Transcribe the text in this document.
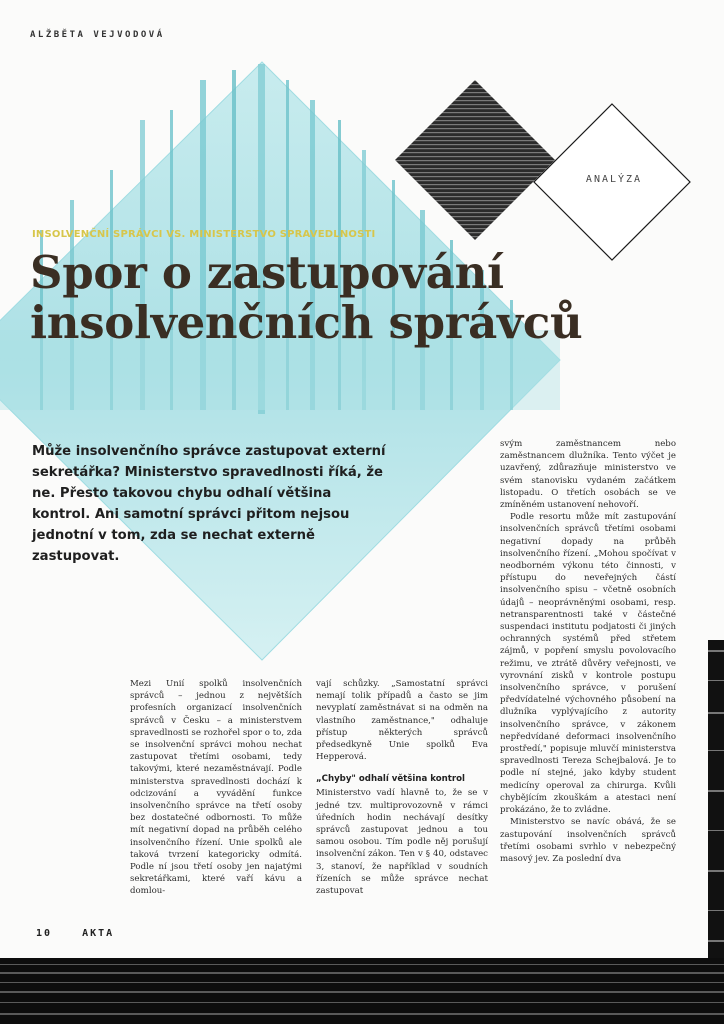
ALŽBĚTA VEJVODOVÁ
ANALÝZA
INSOLVENČNÍ SPRÁVCI VS. MINISTERSTVO SPRAVEDLNOSTI
Spor o zastupování
insolvenčních správců
Může insolvenčního správce zastupovat externí sekretářka? Ministerstvo spravedlnosti říká, že ne. Přesto takovou chybu odhalí většina kontrol. Ani samotní správci přitom nejsou jednotní v tom, zda se nechat externě zastupovat.

Mezi Unií spolků insolvenčních správců – jednou z největších profesních organizací insolvenčních správců v Česku – a ministerstvem spravedlnosti se rozhořel spor o to, zda se insolvenční správci mohou nechat zastupovat třetími osobami, tedy takovými, které nezaměstnávají. Podle ministerstva spravedlnosti dochází k odcizování a vyvádění funkce insolvenčního správce na třetí osoby bez dostatečné odbornosti. To může mít negativní dopad na průběh celého insolvenčního řízení. Unie spolků ale taková tvrzení kategoricky odmítá. Podle ní jsou třetí osoby jen najatými sekretářkami, které vaří kávu a domlou-

vají schůzky. „Samostatní správci nemají tolik případů a často se jim nevyplatí zaměstnávat si na odměn na vlastního zaměstnance," odhaluje přístup některých správců předsedkyně Unie spolků Eva Hepperová.

„Chyby" odhalí většina kontrol

Ministerstvo vadí hlavně to, že se v jedné tzv. multiprovozovně v rámci úředních hodin nechávají desítky správců zastupovat jednou a tou samou osobou. Tím podle něj porušují insolvenční zákon. Ten v § 40, odstavec 3, stanoví, že například v soudních řízeních se může správce nechat zastupovat

svým zaměstnancem nebo zaměstnancem dlužníka. Tento výčet je uzavřený, zdůrazňuje ministerstvo ve svém stanovisku vydaném začátkem listopadu. O třetích osobách se ve zmíněném ustanovení nehovoří.

Podle resortu může mít zastupování insolvenčních správců třetími osobami negativní dopady na průběh insolvenčního řízení. „Mohou spočívat v neodborném výkonu této činnosti, v přístupu do neveřejných částí insolvenčního spisu – včetně osobních údajů – neoprávněnými osobami, resp. netransparentnosti také v částečné suspendaci institutu podjatosti či jiných ochranných systémů před střetem zájmů, v popření smyslu povolovacího režimu, ve ztrátě důvěry veřejnosti, ve vyrovnání zisků v kontrole postupu insolvenčního správce, v porušení předvídatelné výchovného působení na dlužníka vyplývajícího z autority insolvenčního správce, v zákonem nepředvídané deformaci insolvenčního prostředí," popisuje mluvčí ministerstva spravedlnosti Tereza Schejbalová. Je to podle ní stejné, jako kdyby student medicíny operoval za chirurga. Kvůli chybějícím zkouškám a atestaci není prokázáno, že to zvládne.

Ministerstvo se navíc obává, že se zastupování insolvenčních správců třetími osobami svrhlo v nebezpečný masový jev. Za poslední dva

10	AKTA
